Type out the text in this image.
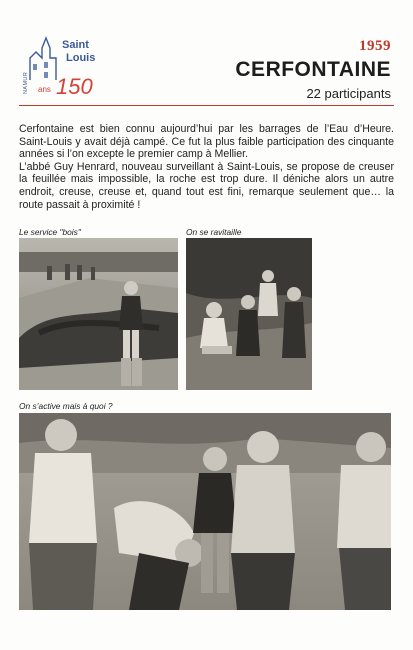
Saint
Louis
NAMUR ans 150
1959
CERFONTAINE
22 participants

Cerfontaine est bien connu aujourd’hui par les barrages de l’Eau d’Heure. Saint-Louis y avait déjà campé. Ce fut la plus faible participation des cinquante années si l’on excepte le premier camp à Mellier.

L’abbé Guy Henrard, nouveau surveillant à Saint-Louis, se propose de creuser la feuillée mais impossible, la roche est trop dure. Il déniche alors un autre endroit, creuse, creuse et, quand tout est fini, remarque seulement que… la route passait à proximité !

Le service "bois"	On se ravitaille
On s’active mais à quoi ?
